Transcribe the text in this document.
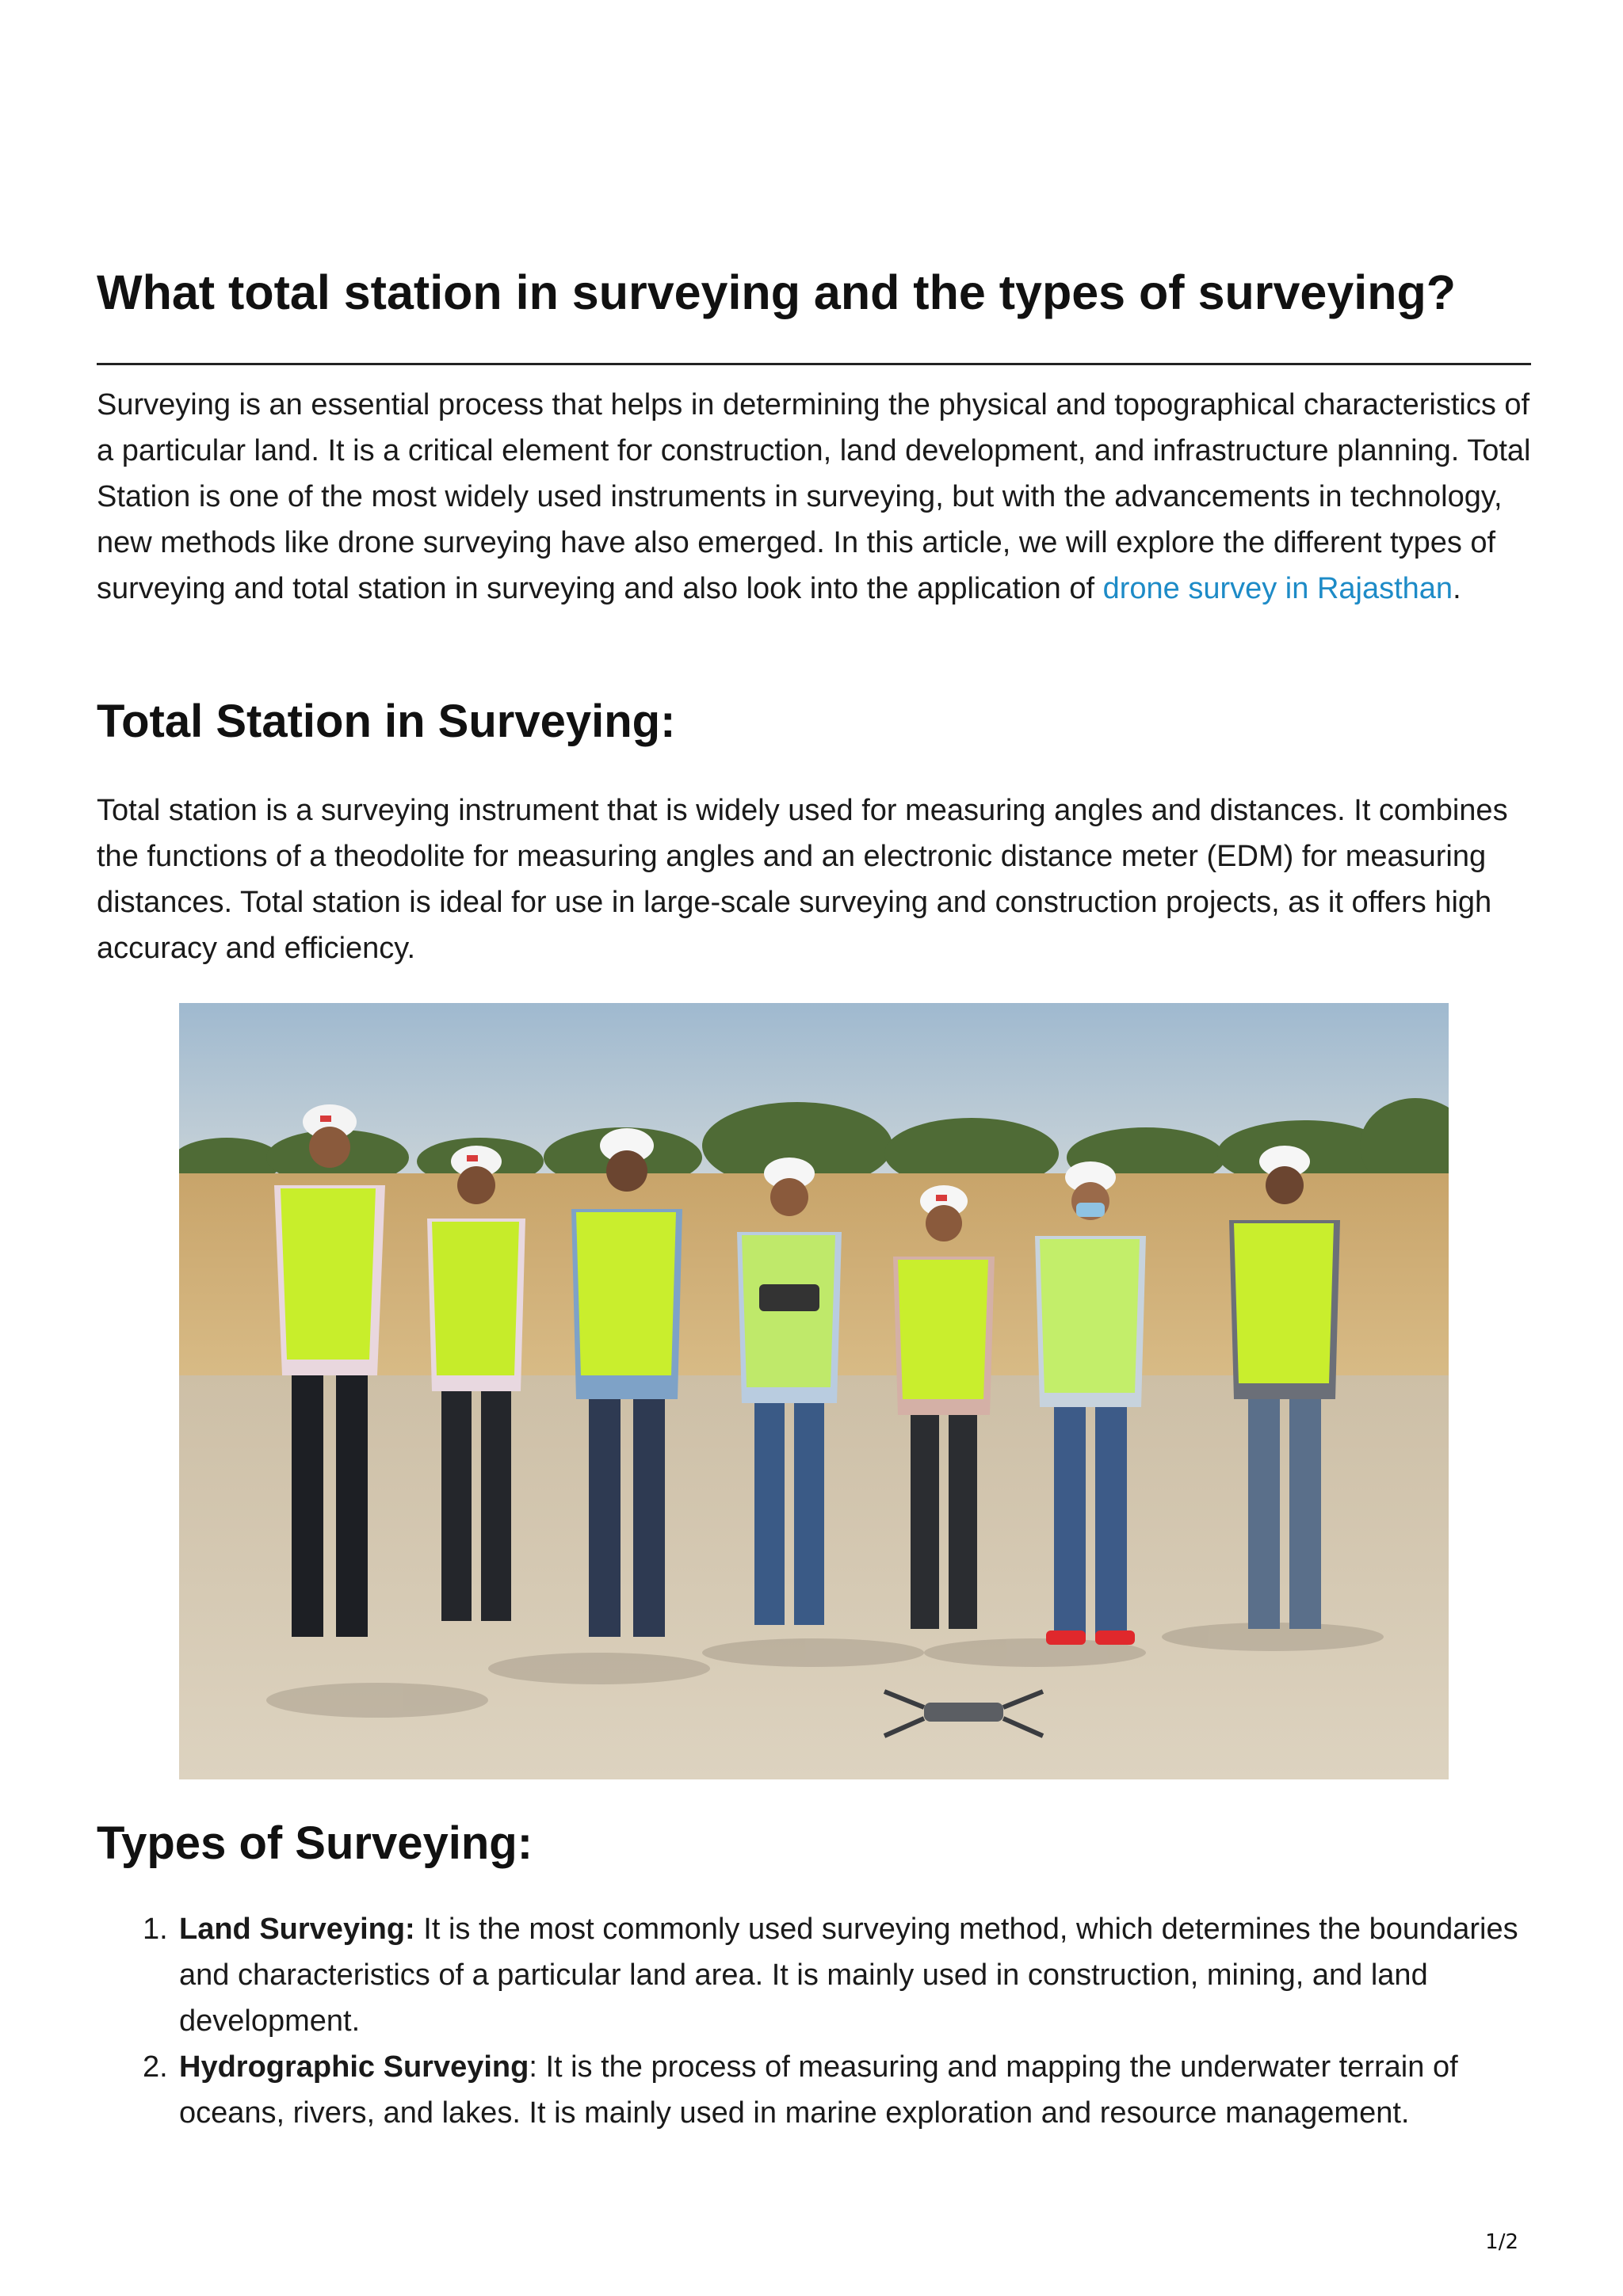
What total station in surveying and the types of surveying?

Surveying is an essential process that helps in determining the physical and topographical characteristics of a particular land. It is a critical element for construction, land development, and infrastructure planning. Total Station is one of the most widely used instruments in surveying, but with the advancements in technology, new methods like drone surveying have also emerged. In this article, we will explore the different types of surveying and total station in surveying and also look into the application of drone survey in Rajasthan.

Total Station in Surveying:

Total station is a surveying instrument that is widely used for measuring angles and distances. It combines the functions of a theodolite for measuring angles and an electronic distance meter (EDM) for measuring distances. Total station is ideal for use in large-scale surveying and construction projects, as it offers high accuracy and efficiency.

Types of Surveying:
1. Land Surveying: It is the most commonly used surveying method, which determines the boundaries and characteristics of a particular land area. It is mainly used in construction, mining, and land development.
2. Hydrographic Surveying: It is the process of measuring and mapping the underwater terrain of oceans, rivers, and lakes. It is mainly used in marine exploration and resource management.
1/2
